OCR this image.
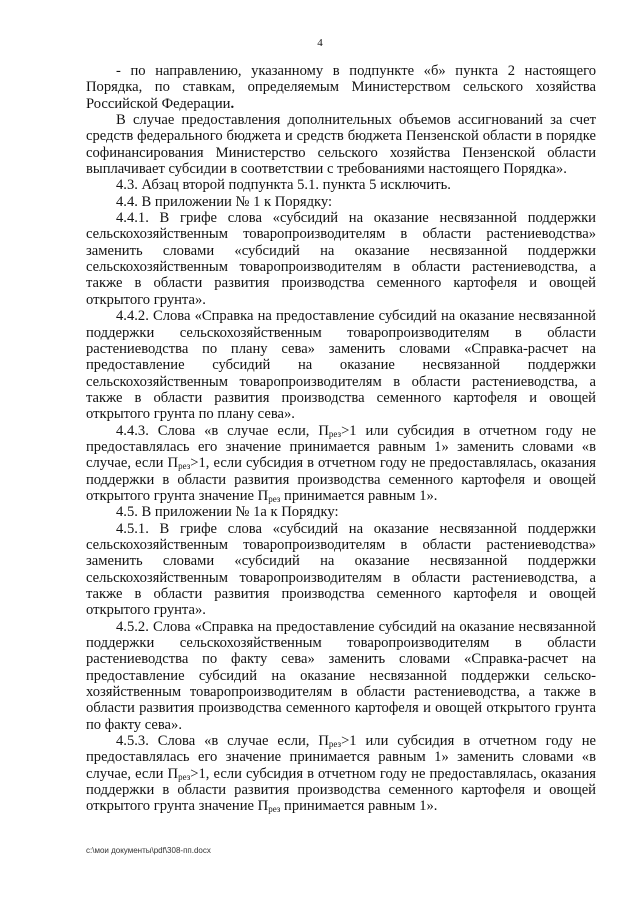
4

- по направлению, указанному в подпункте «б» пункта 2 настоящего Порядка, по ставкам, определяемым Министерством сельского хозяйства Российской Федерации.

В случае предоставления дополнительных объемов ассигнований за счет средств федерального бюджета и средств бюджета Пензенской области в порядке софинансирования Министерство сельского хозяйства Пензенской области выплачивает субсидии в соответствии с требованиями настоящего Порядка».

4.3. Абзац второй подпункта 5.1. пункта 5 исключить.

4.4. В приложении № 1 к Порядку:

4.4.1. В грифе слова «субсидий на оказание несвязанной поддержки сельскохозяйственным товаропроизводителям в области растениеводства» заменить словами «субсидий на оказание несвязанной поддержки сельскохозяйственным товаропроизводителям в области растениеводства, а также в области развития производства семенного картофеля и овощей открытого грунта».

4.4.2. Слова «Справка на предоставление субсидий на оказание несвязанной поддержки сельскохозяйственным товаропроизводителям в области растениеводства по плану сева» заменить словами «Справка-расчет на предоставление субсидий на оказание несвязанной поддержки сельскохозяйственным товаропроизводителям в области растениеводства, а также в области развития производства семенного картофеля и овощей открытого грунта по плану сева».

4.4.3. Слова «в случае если, $П_{рез}>1$ или субсидия в отчетном году не предоставлялась его значение принимается равным 1» заменить словами «в случае, если $П_{рез}>1$, если субсидия в отчетном году не предоставлялась, оказания поддержки в области развития производства семенного картофеля и овощей открытого грунта значение $П_{рез}$ принимается равным 1».

4.5. В приложении № 1а к Порядку:

4.5.1. В грифе слова «субсидий на оказание несвязанной поддержки сельскохозяйственным товаропроизводителям в области растениеводства» заменить словами «субсидий на оказание несвязанной поддержки сельскохозяйственным товаропроизводителям в области растениеводства, а также в области развития производства семенного картофеля и овощей открытого грунта».

4.5.2. Слова «Справка на предоставление субсидий на оказание несвязанной поддержки сельскохозяйственным товаропроизводителям в области растениеводства по факту сева» заменить словами «Справка-расчет на предоставление субсидий на оказание несвязанной поддержки сельско-хозяйственным товаропроизводителям в области растениеводства, а также в области развития производства семенного картофеля и овощей открытого грунта по факту сева».

4.5.3. Слова «в случае если, $П_{рез}>1$ или субсидия в отчетном году не предоставлялась его значение принимается равным 1» заменить словами «в случае, если $П_{рез}>1$, если субсидия в отчетном году не предоставлялась, оказания поддержки в области развития производства семенного картофеля и овощей открытого грунта значение $П_{рез}$ принимается равным 1».

c:\мои документы\pdf\308-пп.docx
